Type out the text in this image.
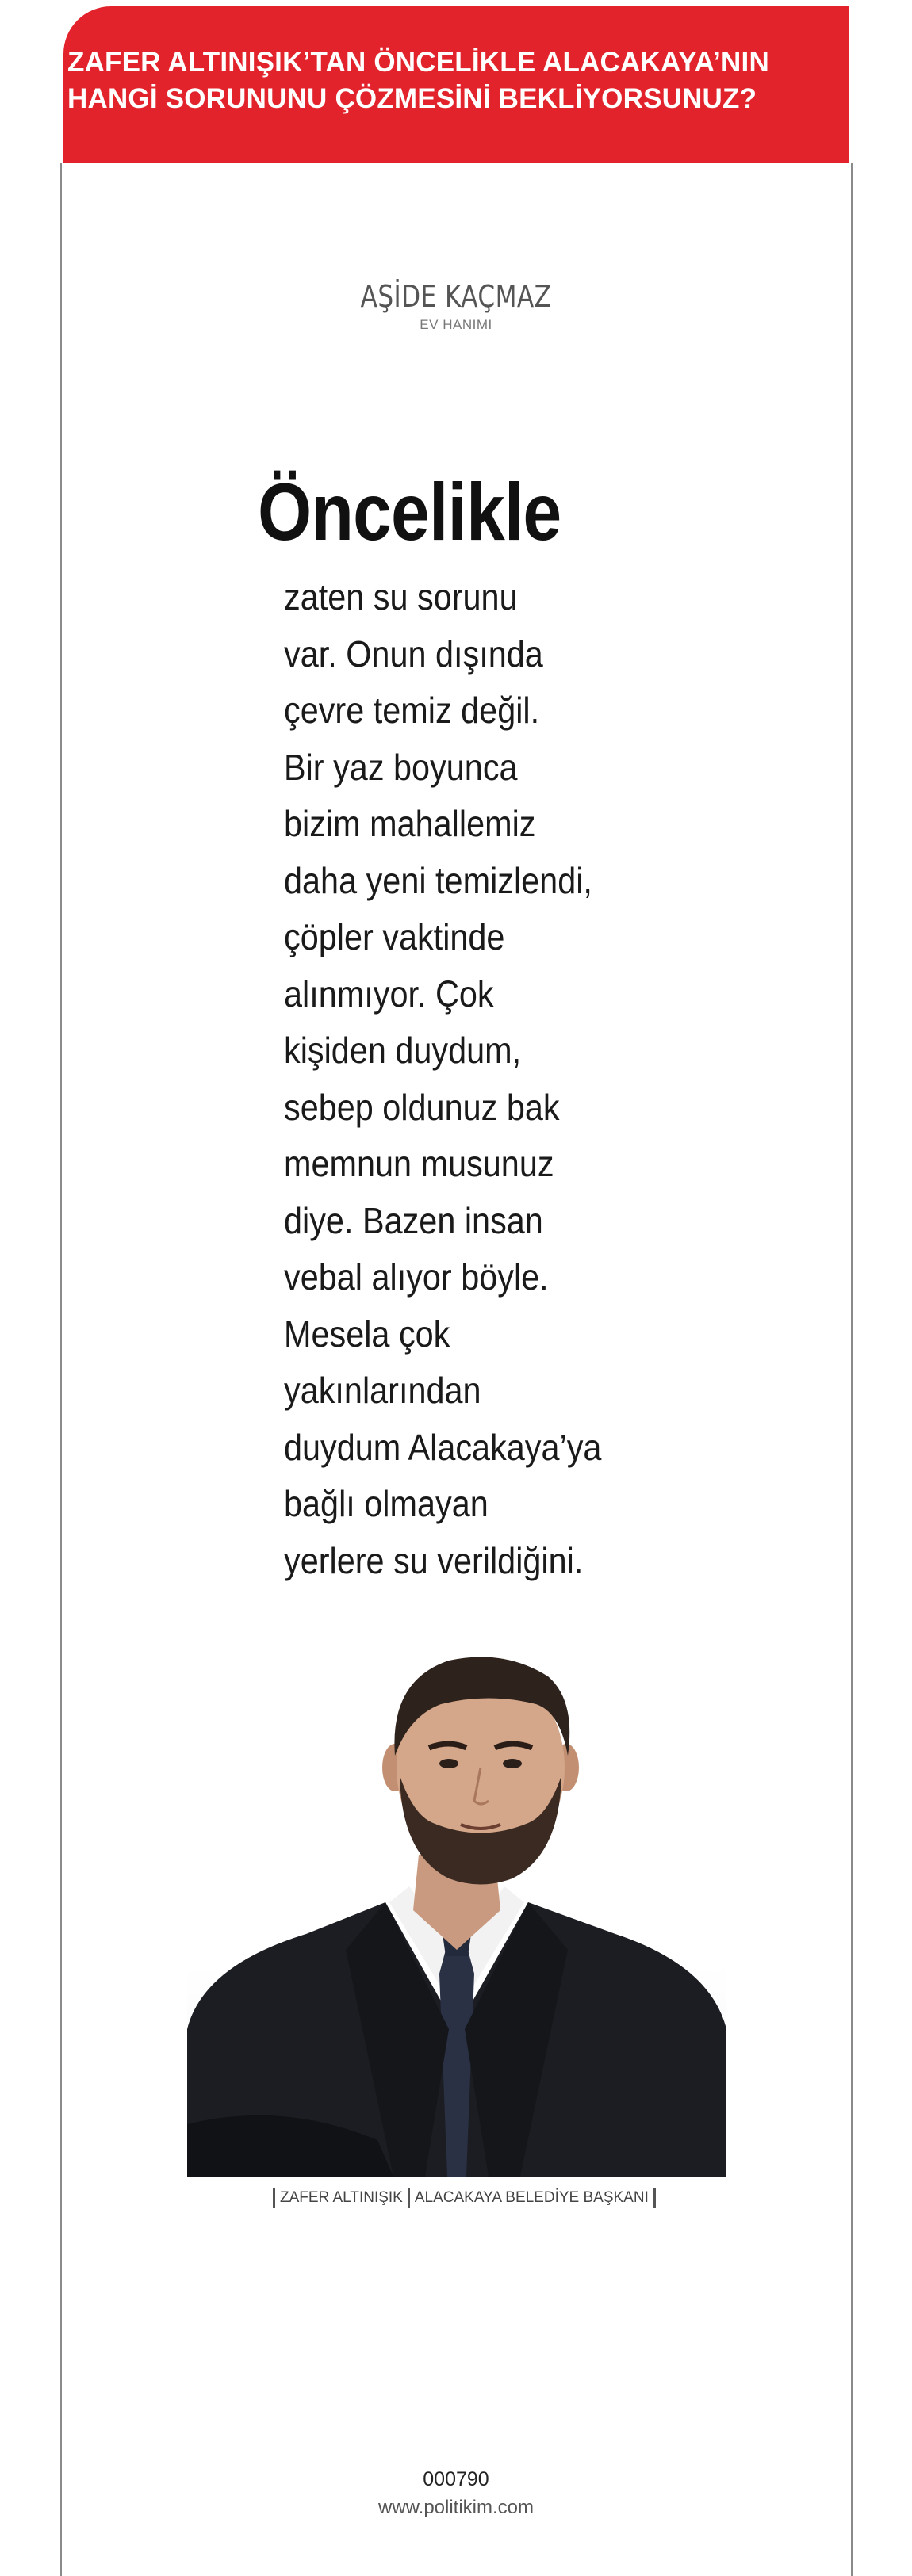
ZAFER ALTINIŞIK’TAN ÖNCELİKLE ALACAKAYA’NIN
HANGİ SORUNUNU ÇÖZMESİNİ BEKLİYORSUNUZ?
AŞİDE KAÇMAZ
EV HANIMI
Öncelikle
zaten su sorunu
var. Onun dışında
çevre temiz değil.
Bir yaz boyunca
bizim mahallemiz
daha yeni temizlendi,
çöpler vaktinde
alınmıyor. Çok
kişiden duydum,
sebep oldunuz bak
memnun musunuz
diye. Bazen insan
vebal alıyor böyle.
Mesela çok
yakınlarından
duydum Alacakaya’ya
bağlı olmayan
yerlere su verildiğini.
ZAFER ALTINIŞIK ALACAKAYA BELEDİYE BAŞKANI
000790
www.politikim.com
